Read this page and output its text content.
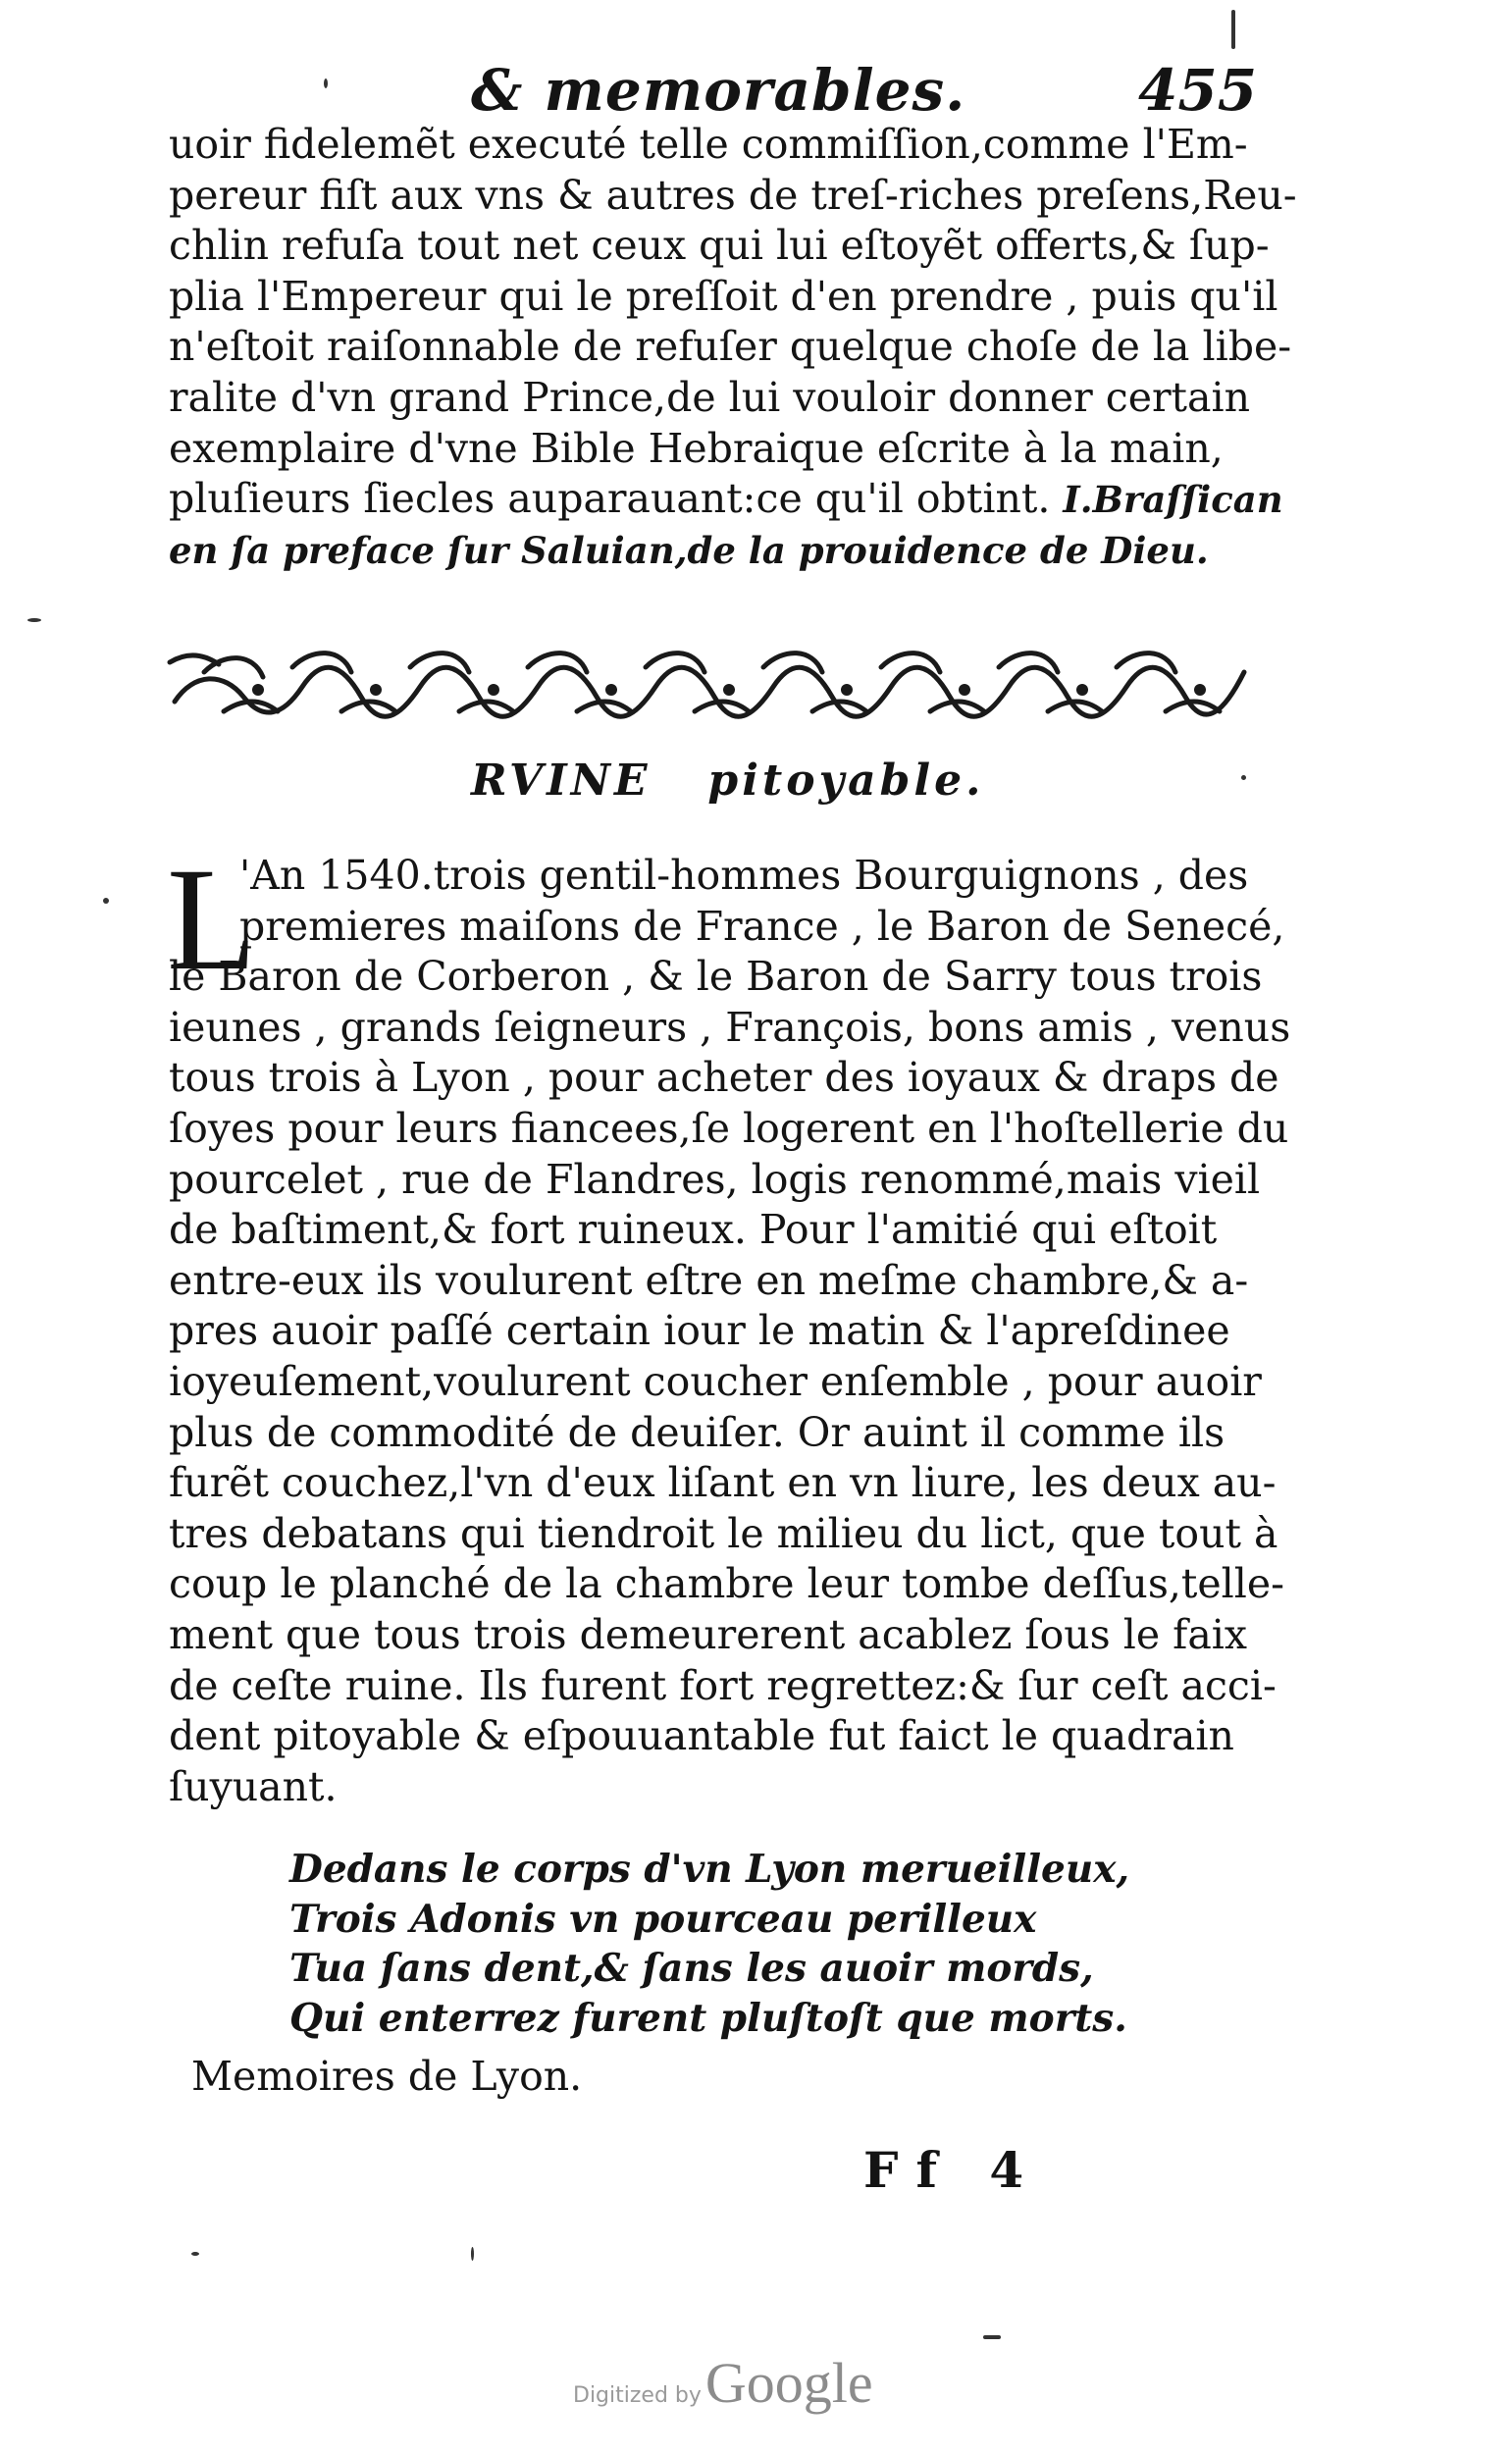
& memorables.	455
uoir fidelemẽt executé telle commiſſion,comme l'Em-
pereur fiſt aux vns & autres de treſ-riches preſens,Reu-
chlin refuſa tout net ceux qui lui eſtoyẽt offerts,& ſup-
plia l'Empereur qui le preſſoit d'en prendre , puis qu'il
n'eſtoit raiſonnable de refuſer quelque choſe de la libe-
ralite d'vn grand Prince,de lui vouloir donner certain
exemplaire d'vne Bible Hebraique eſcrite à la main,
pluſieurs ſiecles auparauant:ce qu'il obtint. I.Braſſican
en ſa preface ſur Saluian,de la prouidence de Dieu.
RVINE   pitoyable.
L
'An 1540.trois gentil-hommes Bourguignons , des
premieres maiſons de France , le Baron de Senecé,
le Baron de Corberon , & le Baron de Sarry tous trois
ieunes , grands ſeigneurs , François, bons amis , venus
tous trois à Lyon , pour acheter des ioyaux & draps de
ſoyes pour leurs fiancees,ſe logerent en l'hoſtellerie du
pourcelet , rue de Flandres, logis renommé,mais vieil
de baſtiment,& fort ruineux. Pour l'amitié qui eſtoit
entre-eux ils voulurent eſtre en meſme chambre,& a-
pres auoir paſſé certain iour le matin & l'apreſdinee
ioyeuſement,voulurent coucher enſemble , pour auoir
plus de commodité de deuiſer. Or auint il comme ils
furẽt couchez,l'vn d'eux liſant en vn liure, les deux au-
tres debatans qui tiendroit le milieu du lict, que tout à
coup le planché de la chambre leur tombe deſſus,telle-
ment que tous trois demeurerent acablez ſous le faix
de ceſte ruine. Ils furent fort regrettez:& ſur ceſt acci-
dent pitoyable & eſpouuantable fut faict le quadrain
ſuyuant.
Dedans le corps d'vn Lyon merueilleux,
Trois Adonis vn pourceau perilleux
Tua ſans dent,& ſans les auoir mords,
Qui enterrez furent pluſtoſt que morts.
Memoires de Lyon.
Ff 4
Digitized byGoogle
